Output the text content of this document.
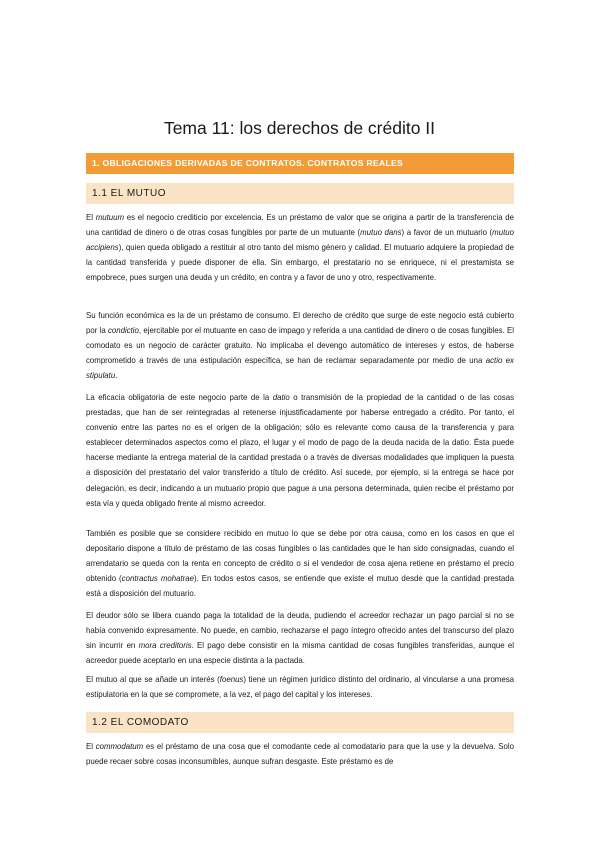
Tema 11: los derechos de crédito II
1. OBLIGACIONES DERIVADAS DE CONTRATOS. CONTRATOS REALES
1.1 EL MUTUO

El mutuum es el negocio crediticio por excelencia. Es un préstamo de valor que se origina a partir de la transferencia de una cantidad de dinero o de otras cosas fungibles por parte de un mutuante (mutuo dans) a favor de un mutuario (mutuo accipiens), quien queda obligado a restituir al otro tanto del mismo género y calidad. El mutuario adquiere la propiedad de la cantidad transferida y puede disponer de ella. Sin embargo, el prestatario no se enriquece, ni el prestamista se empobrece, pues surgen una deuda y un crédito, en contra y a favor de uno y otro, respectivamente.

Su función económica es la de un préstamo de consumo. El derecho de crédito que surge de este negocio está cubierto por la condictio, ejercitable por el mutuante en caso de impago y referida a una cantidad de dinero o de cosas fungibles. El comodato es un negocio de carácter gratuito. No implicaba el devengo automático de intereses y estos, de haberse comprometido a través de una estipulación específica, se han de reclamar separadamente por medio de una actio ex stipulatu.

La eficacia obligatoria de este negocio parte de la datio o transmisión de la propiedad de la cantidad o de las cosas prestadas, que han de ser reintegradas al retenerse injustificadamente por haberse entregado a crédito. Por tanto, el convenio entre las partes no es el origen de la obligación; sólo es relevante como causa de la transferencia y para establecer determinados aspectos como el plazo, el lugar y el modo de pago de la deuda nacida de la datio. Ésta puede hacerse mediante la entrega material de la cantidad prestada o a través de diversas modalidades que impliquen la puesta a disposición del prestatario del valor transferido a título de crédito. Así sucede, por ejemplo, si la entrega se hace por delegación, es decir, indicando a un mutuario propio que pague a una persona determinada, quien recibe el préstamo por esta vía y queda obligado frente al mismo acreedor.

También es posible que se considere recibido en mutuo lo que se debe por otra causa, como en los casos en que el depositario dispone a título de préstamo de las cosas fungibles o las cantidades que le han sido consignadas, cuando el arrendatario se queda con la renta en concepto de crédito o si el vendedor de cosa ajena retiene en préstamo el precio obtenido (contractus mohatrae). En todos estos casos, se entiende que existe el mutuo desde que la cantidad prestada está a disposición del mutuario.

El deudor sólo se libera cuando paga la totalidad de la deuda, pudiendo el acreedor rechazar un pago parcial si no se había convenido expresamente. No puede, en cambio, rechazarse el pago íntegro ofrecido antes del transcurso del plazo sin incurrir en mora creditoris. El pago debe consistir en la misma cantidad de cosas fungibles transferidas, aunque el acreedor puede aceptarlo en una especie distinta a la pactada.

El mutuo al que se añade un interés (foenus) tiene un régimen jurídico distinto del ordinario, al vincularse a una promesa estipulatoria en la que se compromete, a la vez, el pago del capital y los intereses.

1.2 EL COMODATO

El commodatum es el préstamo de una cosa que el comodante cede al comodatario para que la use y la devuelva. Solo puede recaer sobre cosas inconsumibles, aunque sufran desgaste. Este préstamo es de
